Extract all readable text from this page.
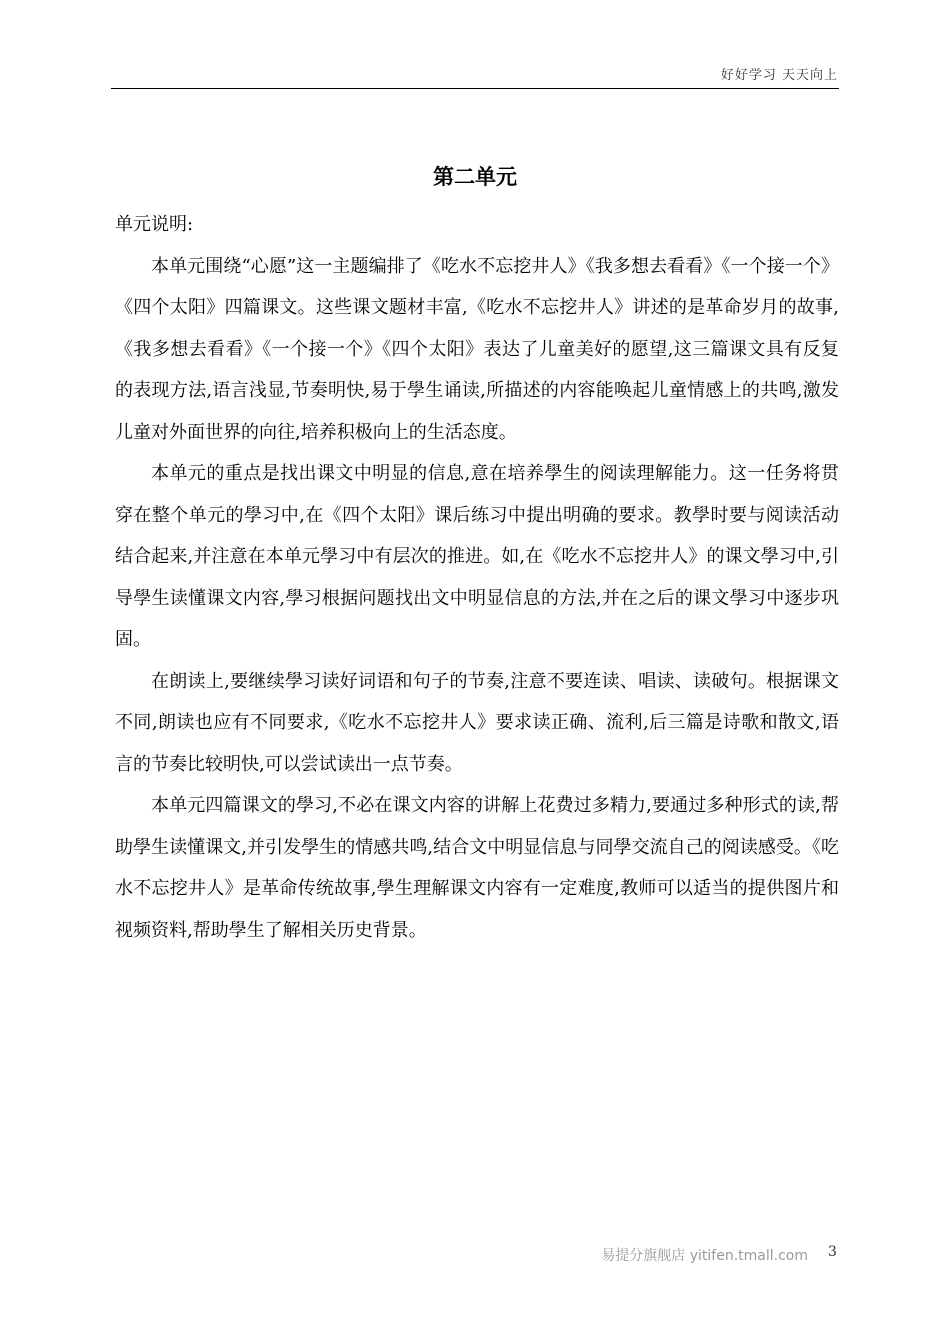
好好学习 天天向上
第二单元

单元说明:

本单元围绕“心愿”这一主题编排了《吃水不忘挖井人》《我多想去看看》《一个接一个》《四个太阳》四篇课文。这些课文题材丰富,《吃水不忘挖井人》讲述的是革命岁月的故事,《我多想去看看》《一个接一个》《四个太阳》表达了儿童美好的愿望,这三篇课文具有反复的表现方法,语言浅显,节奏明快,易于學生诵读,所描述的内容能唤起儿童情感上的共鸣,激发儿童对外面世界的向往,培养积极向上的生活态度。

本单元的重点是找出课文中明显的信息,意在培养學生的阅读理解能力。这一任务将贯穿在整个单元的學习中,在《四个太阳》课后练习中提出明确的要求。教學时要与阅读活动结合起来,并注意在本单元學习中有层次的推进。如,在《吃水不忘挖井人》的课文學习中,引导學生读懂课文内容,學习根据问题找出文中明显信息的方法,并在之后的课文學习中逐步巩固。

在朗读上,要继续學习读好词语和句子的节奏,注意不要连读、唱读、读破句。根据课文不同,朗读也应有不同要求,《吃水不忘挖井人》要求读正确、流利,后三篇是诗歌和散文,语言的节奏比较明快,可以尝试读出一点节奏。

本单元四篇课文的學习,不必在课文内容的讲解上花费过多精力,要通过多种形式的读,帮助學生读懂课文,并引发學生的情感共鸣,结合文中明显信息与同學交流自己的阅读感受。《吃水不忘挖井人》是革命传统故事,學生理解课文内容有一定难度,教师可以适当的提供图片和视频资料,帮助學生了解相关历史背景。

易提分旗舰店 yitifen.tmall.com 3
